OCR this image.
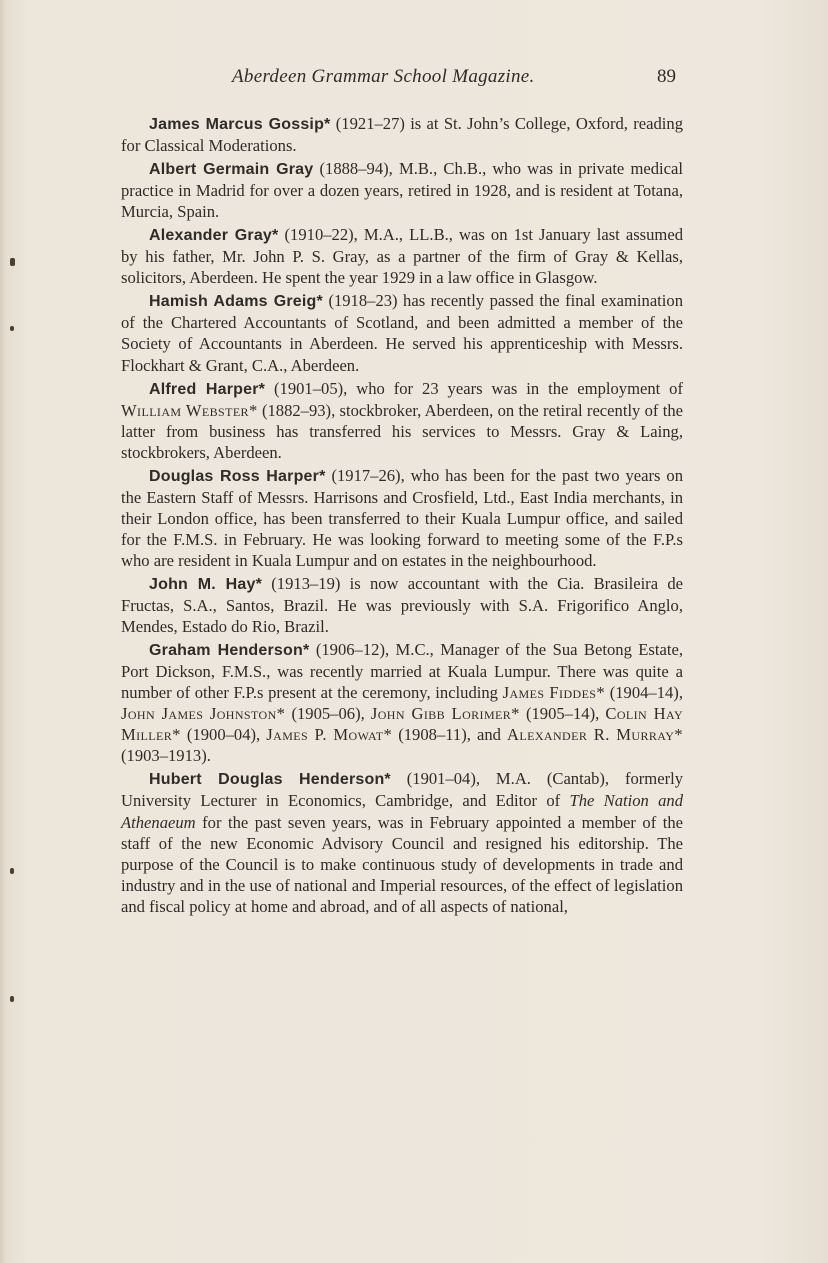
Aberdeen Grammar School Magazine.	89

James Marcus Gossip* (1921–27) is at St. John’s College, Oxford, reading for Classical Moderations.

Albert Germain Gray (1888–94), M.B., Ch.B., who was in private medical practice in Madrid for over a dozen years, retired in 1928, and is resident at Totana, Murcia, Spain.

Alexander Gray* (1910–22), M.A., LL.B., was on 1st January last assumed by his father, Mr. John P. S. Gray, as a partner of the firm of Gray & Kellas, solicitors, Aberdeen. He spent the year 1929 in a law office in Glasgow.

Hamish Adams Greig* (1918–23) has recently passed the final examination of the Chartered Accountants of Scotland, and been admitted a member of the Society of Accountants in Aberdeen. He served his apprenticeship with Messrs. Flockhart & Grant, C.A., Aberdeen.

Alfred Harper* (1901–05), who for 23 years was in the employment of William Webster* (1882–93), stockbroker, Aberdeen, on the retiral recently of the latter from business has transferred his services to Messrs. Gray & Laing, stockbrokers, Aberdeen.

Douglas Ross Harper* (1917–26), who has been for the past two years on the Eastern Staff of Messrs. Harrisons and Crosfield, Ltd., East India merchants, in their London office, has been transferred to their Kuala Lumpur office, and sailed for the F.M.S. in February. He was looking forward to meeting some of the F.P.s who are resident in Kuala Lumpur and on estates in the neighbourhood.

John M. Hay* (1913–19) is now accountant with the Cia. Brasileira de Fructas, S.A., Santos, Brazil. He was previously with S.A. Frigorifico Anglo, Mendes, Estado do Rio, Brazil.

Graham Henderson* (1906–12), M.C., Manager of the Sua Betong Estate, Port Dickson, F.M.S., was recently married at Kuala Lumpur. There was quite a number of other F.P.s present at the ceremony, including James Fiddes* (1904–14), John James Johnston* (1905–06), John Gibb Lorimer* (1905–14), Colin Hay Miller* (1900–04), James P. Mowat* (1908–11), and Alexander R. Murray* (1903–1913).

Hubert Douglas Henderson* (1901–04), M.A. (Cantab), formerly University Lecturer in Economics, Cambridge, and Editor of The Nation and Athenaeum for the past seven years, was in February appointed a member of the staff of the new Economic Advisory Council and resigned his editorship. The purpose of the Council is to make continuous study of developments in trade and industry and in the use of national and Imperial resources, of the effect of legislation and fiscal policy at home and abroad, and of all aspects of national,
